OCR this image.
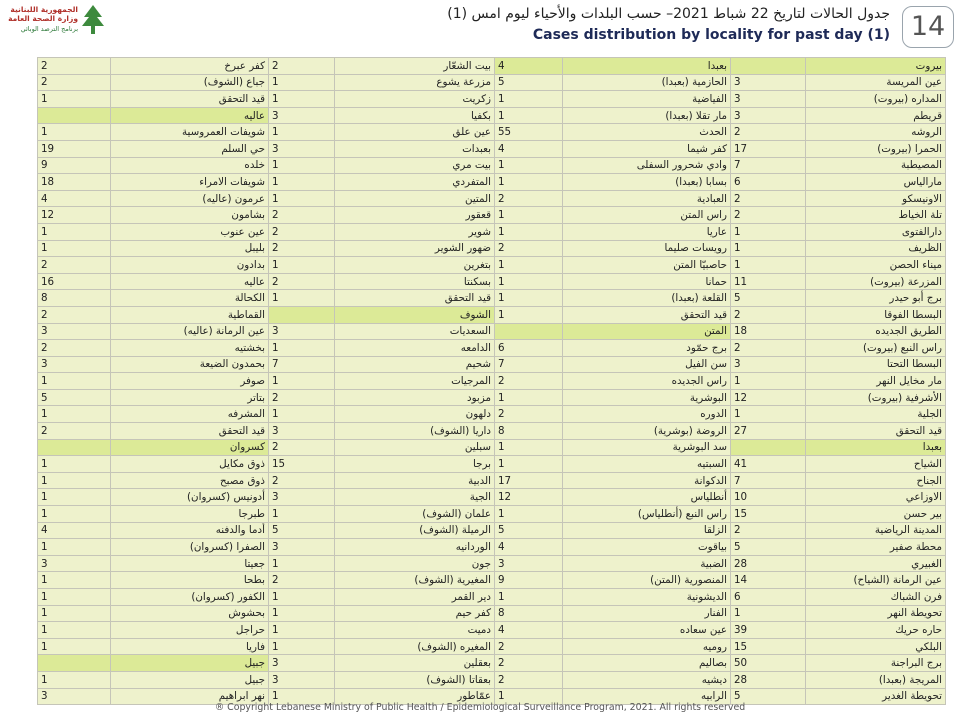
الجمهورية اللبنانية
وزارة الصحة العامة
برنامج الترصد الوبائي
جدول الحالات لتاريخ 22 شباط 2021– حسب البلدات والأحياء ليوم امس (1)
Cases distribution by locality for past day (1) 14
2	كفر عبرخ	2	بيت الشعّار	4	بعبدا		بيروت
2	جباع (الشوف)	1	مزرعة يشوع	5	الحازمية (بعبدا)	3	عين المريسة
1	قيد التحقق	1	زكريت	1	الفياضية	3	المداره (بيروت)
	عاليه	3	بكفيا	1	مار تقلا (بعبدا)	3	قريطم
1	شويفات العمروسية	1	عين علق	55	الحدث	2	الروشه
19	حي السلم	3	بعبدات	4	كفر شيما	17	الحمرا (بيروت)
9	خلده	1	بيت مري	1	وادي شحرور السفلى	7	المصيطبة
18	شويفات الامراء	1	المتفردي	1	بسابا (بعبدا)	6	مارالياس
4	عرمون (عاليه)	1	المتين	2	العبادية	2	الاونيسكو
12	بشامون	2	قعقور	1	راس المتن	2	تلة الخياط
1	عين عنوب	2	شوير	1	عاريا	1	دارالفتوى
1	بليبل	2	ضهور الشوير	2	رويسات صليما	1	الظريف
2	بدادون	1	بتغرين	1	حاصبيّا المتن	1	ميناء الحصن
16	عاليه	2	بسكنتا	1	حمانا	11	المزرعة (بيروت)
8	الكحالة	1	قيد التحقق	1	القلعة (بعبدا)	5	برج أبو حيدر
2	القماطية		الشوف	1	قيد التحقق	2	البسطا الفوقا
3	عين الرمانة (عاليه)	3	السعديات		المتن	18	الطريق الجديده
2	بخشتيه	1	الدامعه	6	برج حمّود	2	راس النبع (بيروت)
3	بحمدون الضيعة	7	شحيم	7	سن الفيل	3	البسطا التحتا
1	صوفر	1	المرجيات	2	راس الجديده	1	مار مخايل النهر
5	بتاتر	2	مزبود	1	البوشرية	12	الأشرفية (بيروت)
1	المشرفه	1	دلهون	2	الدوره	1	الجلية
2	قيد التحقق	3	داريا (الشوف)	8	الروضة (بوشرية)	27	قيد التحقق
	كسروان	2	سبلين	1	سد البوشرية		بعبدا
1	ذوق مكايل	15	برجا	1	السبتيه	41	الشياح
1	ذوق مصبح	2	الدبية	17	الدكوانة	7	الجناح
1	أدونيس (كسروان)	3	الجية	12	أنطلياس	10	الاوزاعي
1	طبرجا	1	علمان (الشوف)	1	راس النبع (أنطلياس)	15	بير حسن
4	أدما والدفنه	5	الرميلة (الشوف)	5	الزلقا	2	المدينة الرياضية
1	الصفرا (كسروان)	3	الوردانيه	4	بياقوت	5	محطة صفير
3	جعيتا	1	جون	3	الضبية	28	الغبيري
1	بطحا	2	المغيرية (الشوف)	9	المنصورية (المتن)	14	عين الرمانة (الشياح)
1	الكفور (كسروان)	1	دير القمر	1	الديشونية	6	فرن الشباك
1	بحشوش	1	كفر حيم	8	الفنار	1	تحويطة النهر
1	حراجل	1	دميت	4	عين سعاده	39	حاره حريك
1	فاريا	1	المغيره (الشوف)	2	روميه	15	البلكي
	جبيل	3	بعقلين	2	بصاليم	50	برج البراجنة
1	جبيل	3	بعقاتا (الشوف)	2	ديشيه	28	المريجة (بعبدا)
3	نهر ابراهيم	1	عمّاطور	1	الرابيه	5	تحويطة الغدير
® Copyright Lebanese Ministry of Public Health / Epidemiological Surveillance Program, 2021. All rights reserved
